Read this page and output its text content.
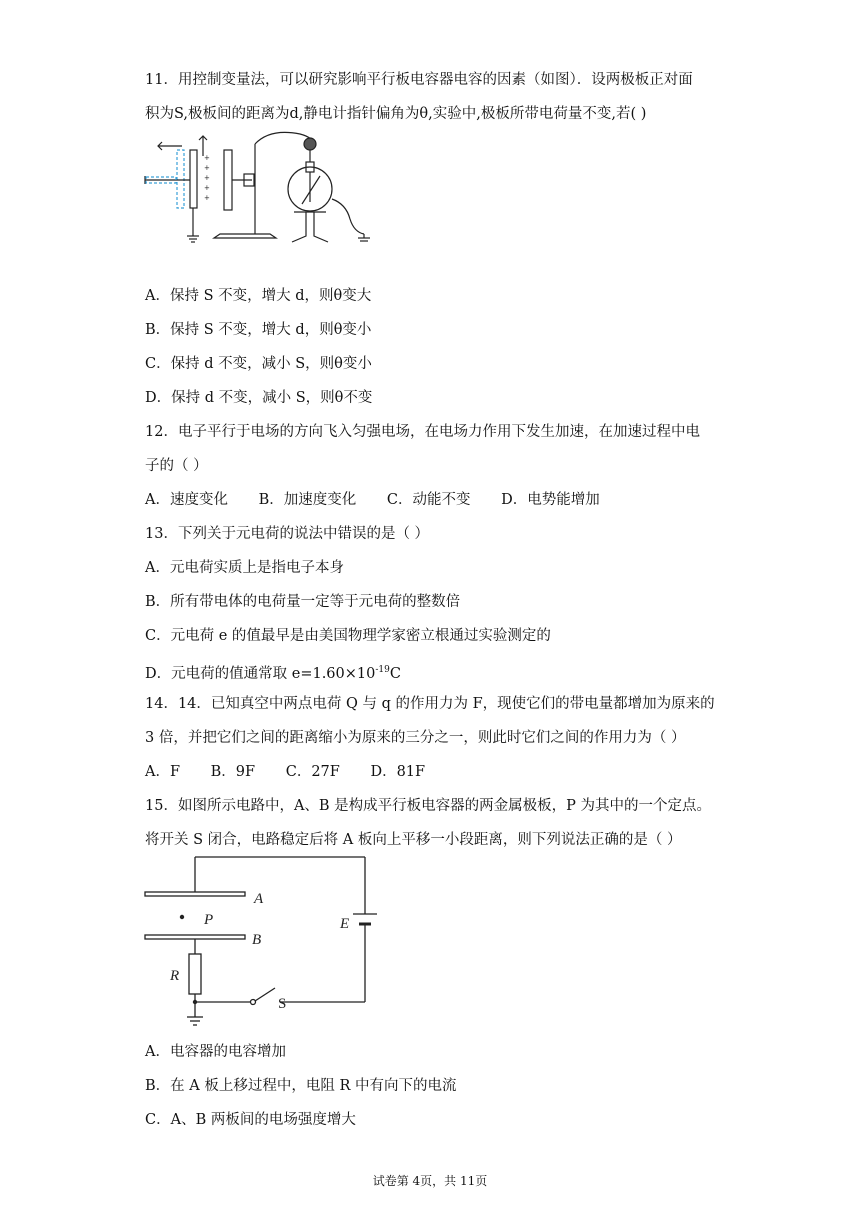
11．用控制变量法，可以研究影响平行板电容器电容的因素（如图）．设两极板正对面
积为S,极板间的距离为d,静电计指针偏角为θ,实验中,极板所带电荷量不变,若( )
+
+
+
+
+
A．保持 S 不变，增大 d，则θ变大
B．保持 S 不变，增大 d，则θ变小
C．保持 d 不变，减小 S，则θ变小
D．保持 d 不变，减小 S，则θ不变
12．电子平行于电场的方向飞入匀强电场，在电场力作用下发生加速，在加速过程中电
子的（ ）
A．速度变化 B．加速度变化 C．动能不变 D．电势能增加
13．下列关于元电荷的说法中错误的是（ ）
A．元电荷实质上是指电子本身
B．所有带电体的电荷量一定等于元电荷的整数倍
C．元电荷 e 的值最早是由美国物理学家密立根通过实验测定的
D．元电荷的值通常取 $e=1.60\times 10^{-19}C$
14．14．已知真空中两点电荷 Q 与 q 的作用力为 F，现使它们的带电量都增加为原来的
3 倍，并把它们之间的距离缩小为原来的三分之一，则此时它们之间的作用力为（ ）
A．F B．9F C．27F D．81F
15．如图所示电路中，A、B 是构成平行板电容器的两金属极板，P 为其中的一个定点。
将开关 S 闭合，电路稳定后将 A 板向上平移一小段距离，则下列说法正确的是（ ）
A
B
P	E
R
S
A．电容器的电容增加
B．在 A 板上移过程中，电阻 R 中有向下的电流
C．A、B 两板间的电场强度增大
试卷第 4页，共 11页
